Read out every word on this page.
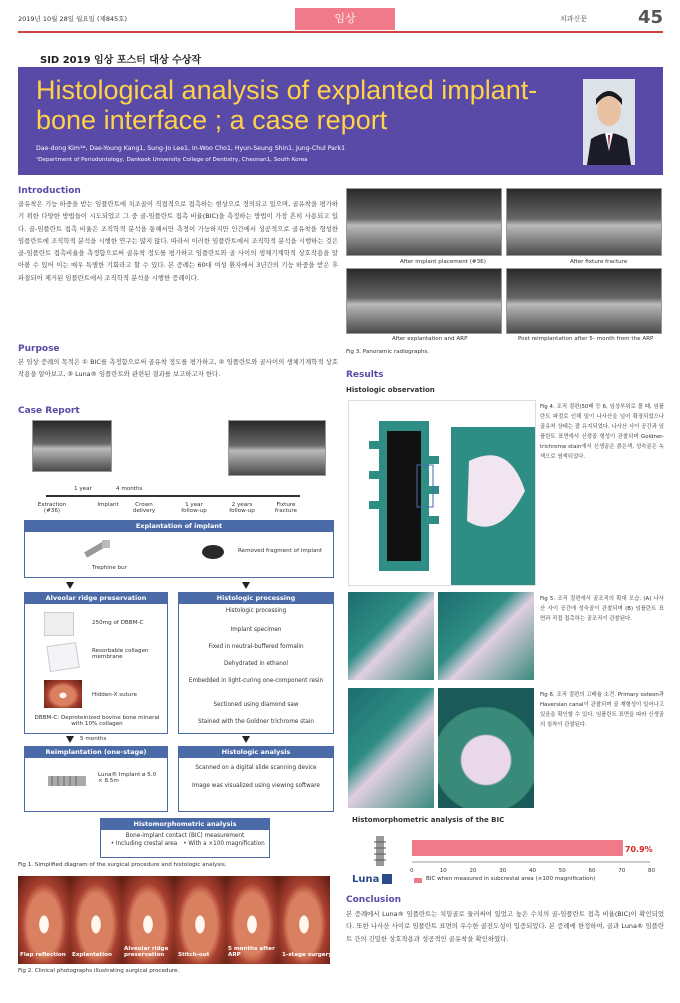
2019년 10월 28일 월요일 (제845호)	임상	치과신문	45
SID 2019 임상 포스터 대상 수상작
Histological analysis of explanted implant-bone interface ; a case report
Dae-dong Kim¹*, Dae-Young Kang1, Sung-Jo Lee1, In-Woo Cho1, Hyun-Seung Shin1, Jung-Chul Park1
¹Department of Periodontology, Dankook University College of Dentistry, Cheonan1, South Korea
Introduction
골유착은 기능 하중을 받는 임플란트에 치조골이 직접적으로 접촉하는 현상으로 정의되고 있으며, 골유착을 평가하기 위한 다양한 방법들이 시도되었고 그 중 골-임플란트 접촉 비율(BIC)을 측정하는 방법이 가장 흔히 사용되고 있다. 골-임플란트 접촉 비율은 조직학적 분석을 통해서만 측정이 가능하지만 인간에서 성공적으로 골유착을 형성한 임플란트에 조직학적 분석을 시행한 연구는 많지 않다. 따라서 이러한 임플란트에서 조직학적 분석을 시행하는 것은 골-임플란트 접촉비율을 측정함으로써 골유착 정도를 평가하고 임플란트와 골 사이의 생체기계학적 상호작용을 알아볼 수 있어 이는 매우 특별한 기회라고 할 수 있다. 본 증례는 60대 여성 환자에서 3년간의 기능 하중을 받은 후 파절되어 제거된 임플란트에서 조직학적 분석을 시행한 증례이다.
Purpose
본 임상 증례의 목적은 ① BIC를 측정함으로써 골유착 정도를 평가하고, ② 임플란트와 골사이의 생체기계학적 상호작용을 알아보고, ③ Luna® 임플란트와 관련된 결과를 보고하고자 한다.
Case Report
1 year	4 months
Extraction (#36)
Implant	Crown delivery
1 year follow-up
2 years follow-up
Fixture fracture
Explantation of implant
Trephine bur
Removed fragment of implant
Alveolar ridge preservation
250mg of DBBM-C
Resorbable collagen membrane
Hidden-X suture
DBBM-C: Deproteinized bovine bone mineral with 10% collagen
5 months
Histologic processing
Histologic processing
Implant specimen
Fixed in neutral-buffered formalin
Dehydrated in ethanol
Embedded in light-curing one-component resin
Sectioned using diamond saw
Stained with the Goldner trichrome stain
Reimplantation (one-stage)
Luna® Implant ø 5.0 × 8.5m
Histologic analysis
Scanned on a digital slide scanning device
Image was visualized using viewing software
Histomorphometric analysis
Bone-implant contact (BIC) measurement
• Including crestal area	• With a ×100 magnification
Fig 1. Simplified diagram of the surgical procedure and histologic analysis.
Flap reflection Explantation
Alveolar ridge preservation	Stitch-out
5 months after ARP	1-stage surgery
Fig 2. Clinical photographs illustrating surgical procedure.
After implant placement (#36)	After fixture fracture
After explantation and ARP	Post reimplantation after 5- month from the ARP
Fig 3. Panoramic radiographs.
Results
Histologic observation
Fig 4. 조직 절편(50배 등 6, 임상부위로 볼 때, 임플란트 파절로 인해 밑이 나사산을 넘어 확장되었으나 골유착 상태는 잘 유지되었다. 나사산 사이 공간과 임플란트 표면에서 신생골 형성이 관찰되며 Goldner-trichrome stain에서 신생골은 붉은색, 성숙골은 녹색으로 염색되었다.
Fig 5. 조직 절편에서 골조직의 확대 모습. (A) 나사산 사이 공간에 성숙골이 관찰되며 (B) 임플란트 표면과 직접 접촉하는 골조직이 관찰된다.
Fig 6. 조직 절편의 고배율 소견. Primary osteon과 Haversian canal이 관찰되며 골 재형성이 일어나고 있음을 확인할 수 있다. 임플란트 표면을 따라 신생골의 침착이 관찰된다.
Histomorphometric analysis of the BIC
Luna
70.9%
0	10	20	30	40	50	60	70	80
BIC when measured in subcrestal area (×100 magnification)
Conclusion
본 증례에서 Luna® 임플란트는 치밀골로 둘러싸여 있었고 높은 수치의 골-임플란트 접촉 비율(BIC)이 확인되었다. 또한 나사산 사이로 임플란트 표면의 우수한 골전도성이 입증되었다. 본 증례에 한정하여, 골과 Luna® 임플란트 간의 긴밀한 상호작용과 성공적인 골유착을 확인하였다.
